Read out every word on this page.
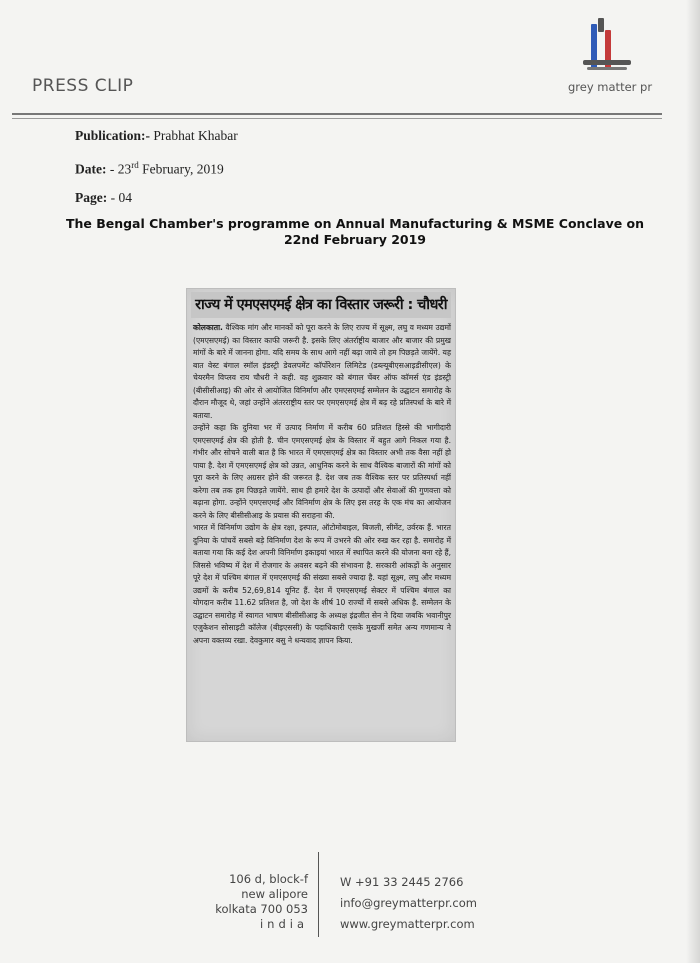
PRESS CLIP	grey matter pr
Publication:- Prabhat Khabar
Date: - 23rd February, 2019
Page: - 04
The Bengal Chamber's programme on Annual Manufacturing & MSME Conclave on 22nd February 2019
राज्य में एमएसएमई क्षेत्र का विस्तार जरूरी : चौधरी

कोलकाता. वैश्विक मांग और मानकों को पूरा करने के लिए राज्य में सूक्ष्म, लघु व मध्यम उद्यमों (एमएसएमई) का विस्तार काफी जरूरी है. इसके लिए अंतर्राष्ट्रीय बाजार और बाजार की प्रमुख मांगों के बारे में जानना होगा. यदि समय के साथ आगे नहीं बढ़ा जाये तो हम पिछड़ते जायेंगे. यह बात वेस्ट बंगाल स्मॉल इंडस्ट्री डेवलपमेंट कॉर्पोरेशन लिमिटेड (डब्ल्यूबीएसआइडीसीएल) के चेयरमैन विप्लव राय चौधरी ने कही. वह शुक्रवार को बंगाल चेंबर ऑफ कॉमर्स एंड इंडस्ट्री (बीसीसीआइ) की ओर से आयोजित विनिर्माण और एमएसएमई सम्मेलन के उद्घाटन समारोह के दौरान मौजूद थे, जहां उन्होंने अंतरराष्ट्रीय स्तर पर एमएसएमई क्षेत्र में बढ़ रहे प्रतिस्पर्धा के बारे में बताया.

उन्होंने कहा कि दुनिया भर में उत्पाद निर्माण में करीब 60 प्रतिशत हिस्से की भागीदारी एमएसएमई क्षेत्र की होती है. चीन एमएसएमई क्षेत्र के विस्तार में बहुत आगे निकल गया है. गंभीर और सोचने वाली बात है कि भारत में एमएसएमई क्षेत्र का विस्तार अभी तक वैसा नहीं हो पाया है. देश में एमएसएमई क्षेत्र को उन्नत, आधुनिक करने के साथ वैश्विक बाजारों की मांगों को पूरा करने के लिए अग्रसर होने की जरूरत है. देश जब तक वैश्विक स्तर पर प्रतिस्पर्धा नहीं करेगा तब तक हम पिछड़ते जायेंगे. साथ ही हमारे देश के उत्पादों और सेवाओं की गुणवत्ता को बढ़ाना होगा. उन्होंने एमएसएमई और विनिर्माण क्षेत्र के लिए इस तरह के एक मंच का आयोजन करने के लिए बीसीसीआइ के प्रयास की सराहना की.

भारत में विनिर्माण उद्योग के क्षेत्र रक्षा, इस्पात, ऑटोमोबाइल, बिजली, सीमेंट, उर्वरक हैं. भारत दुनिया के पांचवें सबसे बड़े विनिर्माण देश के रूप में उभरने की ओर रुख कर रहा है. समारोह में बताया गया कि कई देश अपनी विनिर्माण इकाइयां भारत में स्थापित करने की योजना बना रहे हैं, जिससे भविष्य में देश में रोजगार के अवसर बढ़ने की संभावना है. सरकारी आंकड़ों के अनुसार पूरे देश में पश्चिम बंगाल में एमएसएमई की संख्या सबसे ज्यादा है. यहां सूक्ष्म, लघु और मध्यम उद्यमों के करीब 52,69,814 यूनिट हैं. देश में एमएसएमई सेक्टर में पश्चिम बंगाल का योगदान करीब 11.62 प्रतिशत है, जो देश के शीर्ष 10 राज्यों में सबसे अधिक है. सम्मेलन के उद्घाटन समारोह में स्वागत भाषण बीसीसीआइ के अध्यक्ष इंद्रजीत सेन ने दिया जबकि भवानीपुर एजुकेशन सोसाइटी कॉलेज (बीइएससी) के पदाधिकारी एसके मुखर्जी समेत अन्य गणमान्य ने अपना वक्तव्य रखा. देवकुमार बसु ने धन्यवाद ज्ञापन किया.

106 d, block-f
new alipore
kolkata 700 053
india
W +91 33 2445 2766
info@greymatterpr.com
www.greymatterpr.com
